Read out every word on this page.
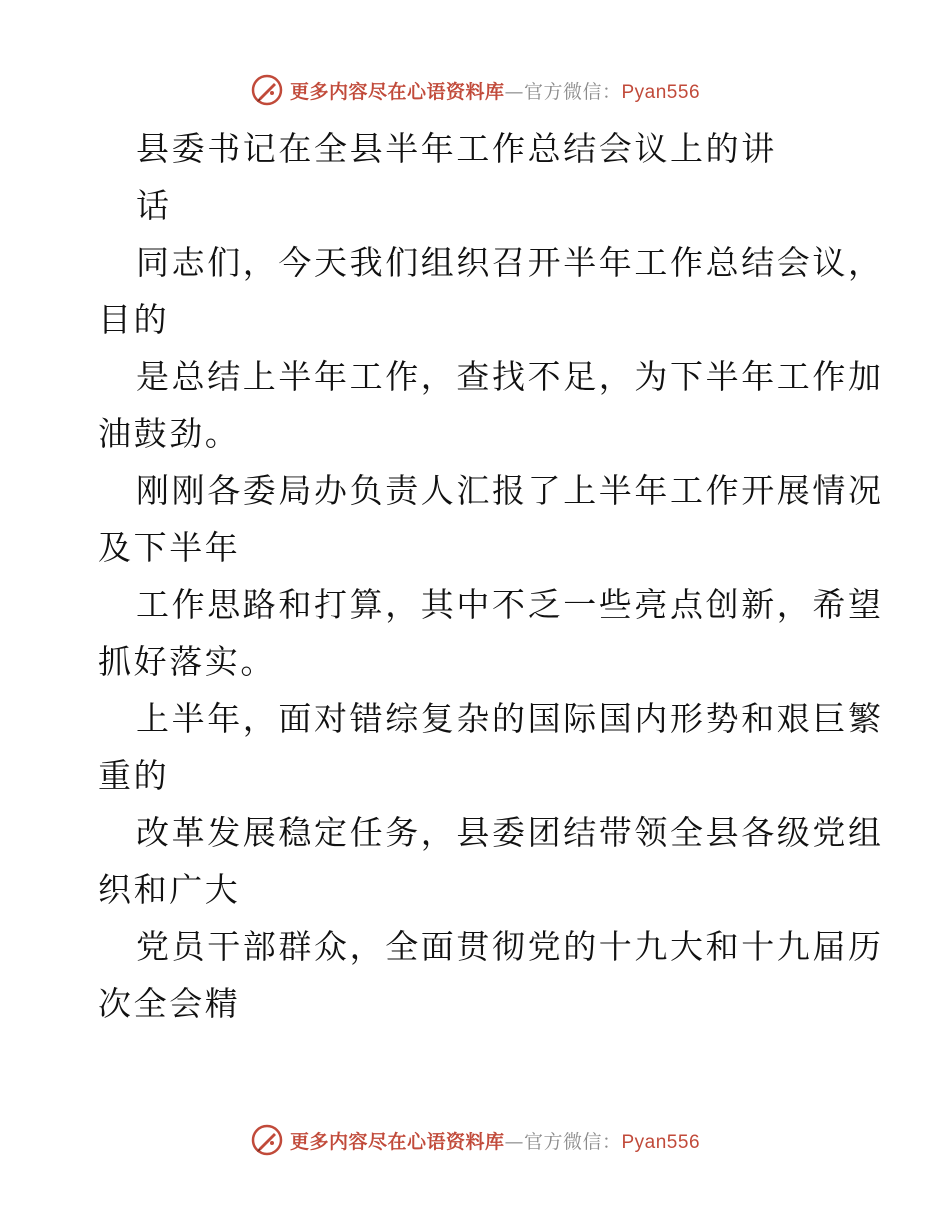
更多内容尽在心语资料库 — 官方微信： Pyan556
县委书记在全县半年工作总结会议上的讲
话
同志们，今天我们组织召开半年工作总结会议，
目的
是总结上半年工作，查找不足，为下半年工作加
油鼓劲。
刚刚各委局办负责人汇报了上半年工作开展情况
及下半年
工作思路和打算，其中不乏一些亮点创新，希望
抓好落实。
上半年，面对错综复杂的国际国内形势和艰巨繁
重的
改革发展稳定任务，县委团结带领全县各级党组
织和广大
党员干部群众，全面贯彻党的十九大和十九届历
次全会精
更多内容尽在心语资料库 — 官方微信： Pyan556
